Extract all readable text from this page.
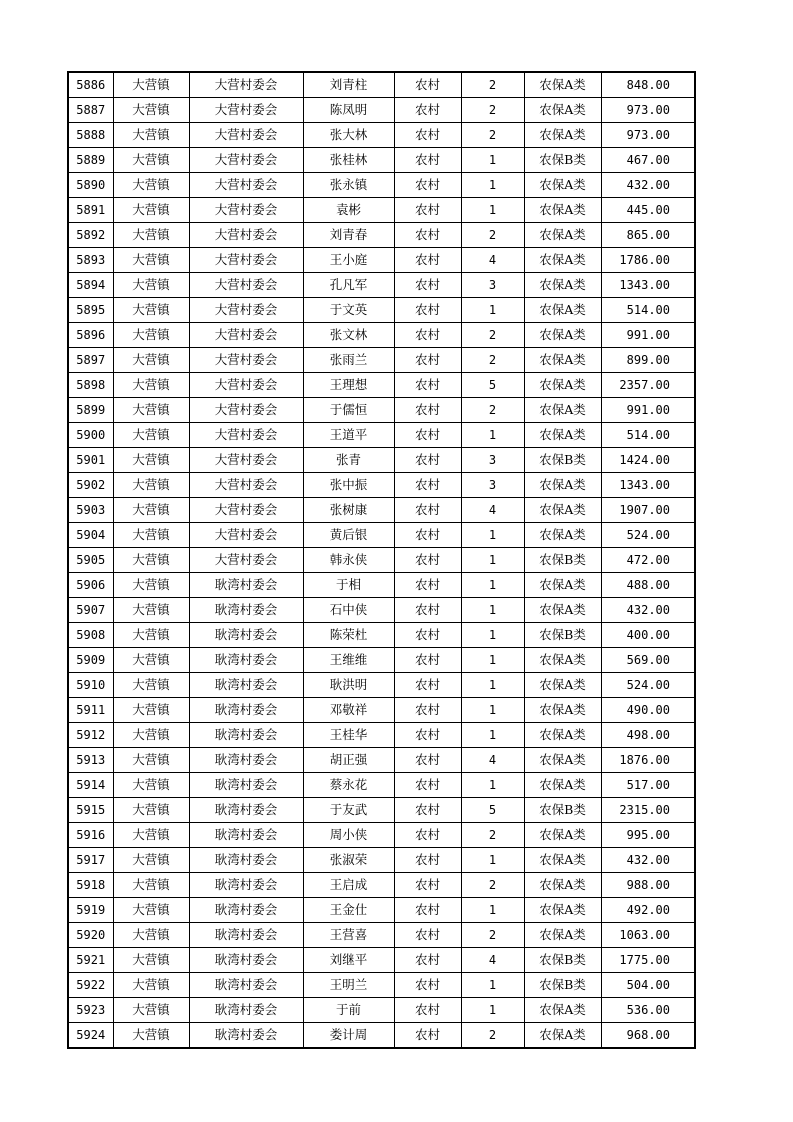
5886	大营镇	大营村委会	刘青柱	农村	2	农保A类	848.00
5887	大营镇	大营村委会	陈凤明	农村	2	农保A类	973.00
5888	大营镇	大营村委会	张大林	农村	2	农保A类	973.00
5889	大营镇	大营村委会	张桂林	农村	1	农保B类	467.00
5890	大营镇	大营村委会	张永镇	农村	1	农保A类	432.00
5891	大营镇	大营村委会	袁彬	农村	1	农保A类	445.00
5892	大营镇	大营村委会	刘青春	农村	2	农保A类	865.00
5893	大营镇	大营村委会	王小庭	农村	4	农保A类	1786.00
5894	大营镇	大营村委会	孔凡军	农村	3	农保A类	1343.00
5895	大营镇	大营村委会	于文英	农村	1	农保A类	514.00
5896	大营镇	大营村委会	张文林	农村	2	农保A类	991.00
5897	大营镇	大营村委会	张雨兰	农村	2	农保A类	899.00
5898	大营镇	大营村委会	王理想	农村	5	农保A类	2357.00
5899	大营镇	大营村委会	于儒恒	农村	2	农保A类	991.00
5900	大营镇	大营村委会	王道平	农村	1	农保A类	514.00
5901	大营镇	大营村委会	张青	农村	3	农保B类	1424.00
5902	大营镇	大营村委会	张中振	农村	3	农保A类	1343.00
5903	大营镇	大营村委会	张树康	农村	4	农保A类	1907.00
5904	大营镇	大营村委会	黄后银	农村	1	农保A类	524.00
5905	大营镇	大营村委会	韩永侠	农村	1	农保B类	472.00
5906	大营镇	耿湾村委会	于相	农村	1	农保A类	488.00
5907	大营镇	耿湾村委会	石中侠	农村	1	农保A类	432.00
5908	大营镇	耿湾村委会	陈荣杜	农村	1	农保B类	400.00
5909	大营镇	耿湾村委会	王维维	农村	1	农保A类	569.00
5910	大营镇	耿湾村委会	耿洪明	农村	1	农保A类	524.00
5911	大营镇	耿湾村委会	邓敬祥	农村	1	农保A类	490.00
5912	大营镇	耿湾村委会	王桂华	农村	1	农保A类	498.00
5913	大营镇	耿湾村委会	胡正强	农村	4	农保A类	1876.00
5914	大营镇	耿湾村委会	蔡永花	农村	1	农保A类	517.00
5915	大营镇	耿湾村委会	于友武	农村	5	农保B类	2315.00
5916	大营镇	耿湾村委会	周小侠	农村	2	农保A类	995.00
5917	大营镇	耿湾村委会	张淑荣	农村	1	农保A类	432.00
5918	大营镇	耿湾村委会	王启成	农村	2	农保A类	988.00
5919	大营镇	耿湾村委会	王金仕	农村	1	农保A类	492.00
5920	大营镇	耿湾村委会	王营喜	农村	2	农保A类	1063.00
5921	大营镇	耿湾村委会	刘继平	农村	4	农保B类	1775.00
5922	大营镇	耿湾村委会	王明兰	农村	1	农保B类	504.00
5923	大营镇	耿湾村委会	于前	农村	1	农保A类	536.00
5924	大营镇	耿湾村委会	娄计周	农村	2	农保A类	968.00
